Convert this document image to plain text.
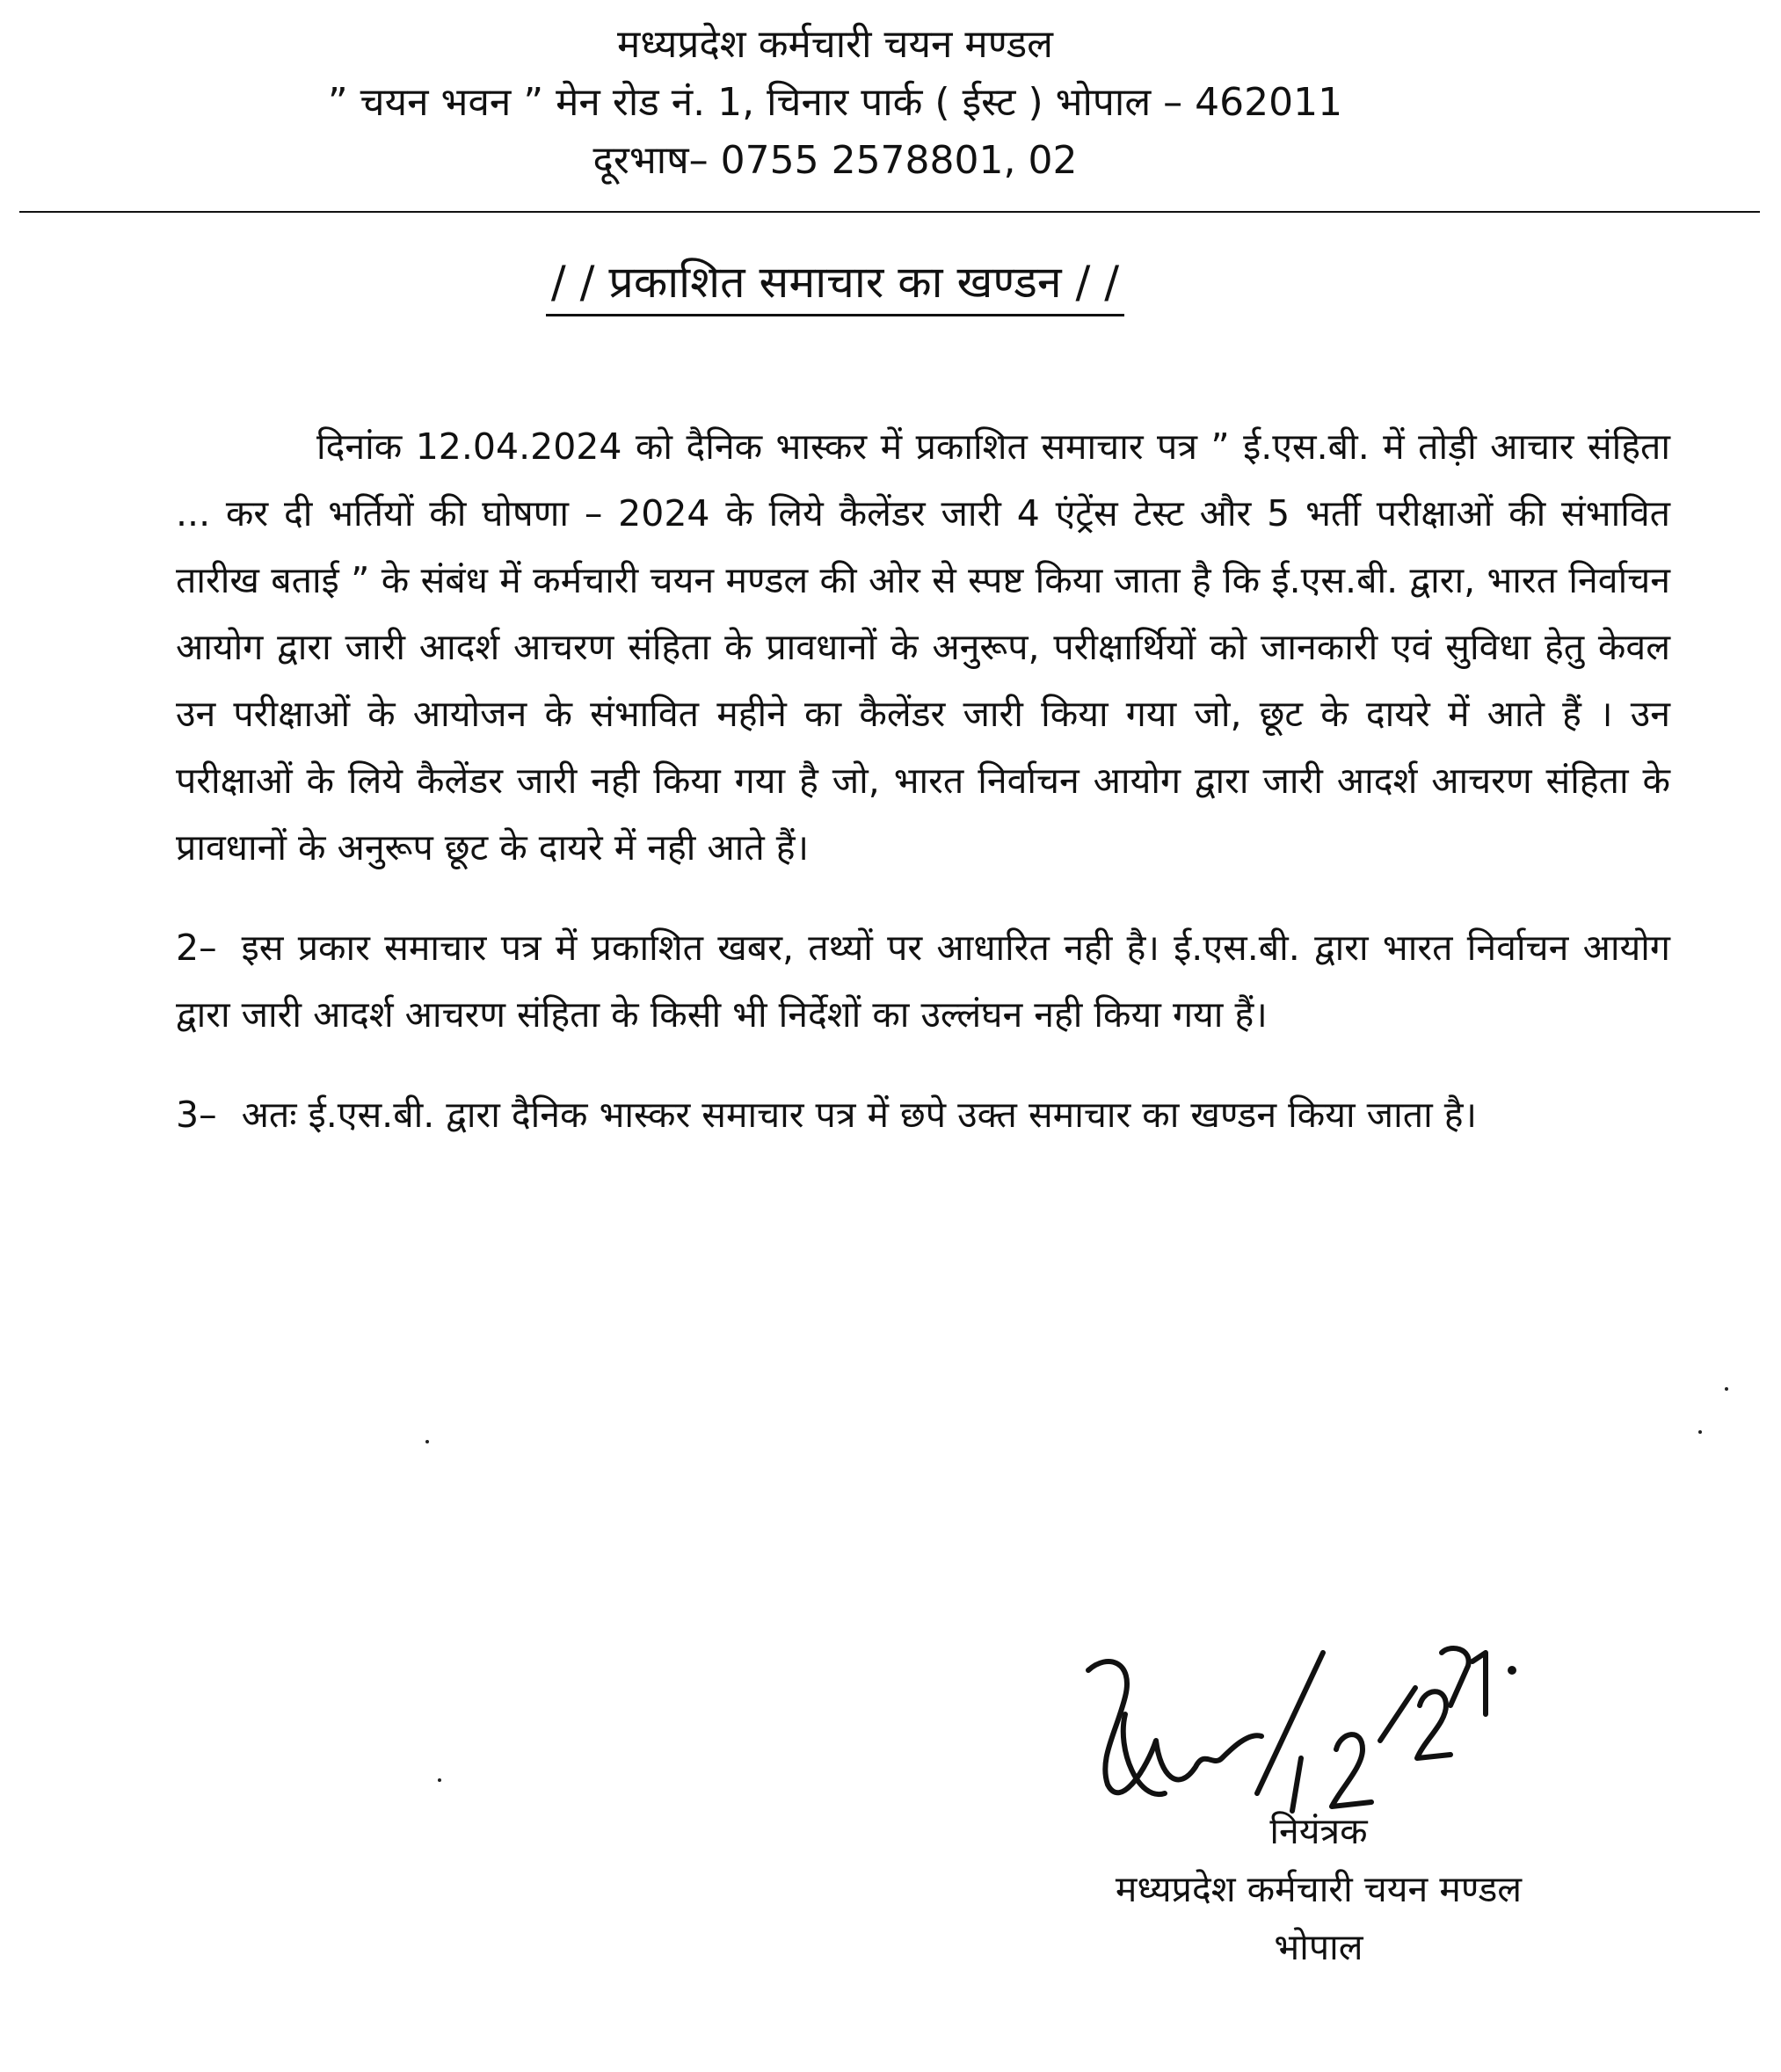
मध्यप्रदेश कर्मचारी चयन मण्डल
” चयन भवन ” मेन रोड नं. 1, चिनार पार्क ( ईस्ट ) भोपाल – 462011
दूरभाष– 0755 2578801, 02
/ / प्रकाशित समाचार का खण्डन / /

दिनांक 12.04.2024 को दैनिक भास्कर में प्रकाशित समाचार पत्र ” ई.एस.बी. में तोड़ी आचार संहिता ... कर दी भर्तियों की घोषणा – 2024 के लिये कैलेंडर जारी 4 एंट्रेंस टेस्ट और 5 भर्ती परीक्षाओं की संभावित तारीख बताई ” के संबंध में कर्मचारी चयन मण्डल की ओर से स्पष्ट किया जाता है कि ई.एस.बी. द्वारा, भारत निर्वाचन आयोग द्वारा जारी आदर्श आचरण संहिता के प्रावधानों के अनुरूप, परीक्षार्थियों को जानकारी एवं सुविधा हेतु केवल उन परीक्षाओं के आयोजन के संभावित महीने का कैलेंडर जारी किया गया जो, छूट के दायरे में आते हैं । उन परीक्षाओं के लिये कैलेंडर जारी नही किया गया है जो, भारत निर्वाचन आयोग द्वारा जारी आदर्श आचरण संहिता के प्रावधानों के अनुरूप छूट के दायरे में नही आते हैं।

2– इस प्रकार समाचार पत्र में प्रकाशित खबर, तथ्यों पर आधारित नही है। ई.एस.बी. द्वारा भारत निर्वाचन आयोग द्वारा जारी आदर्श आचरण संहिता के किसी भी निर्देशों का उल्लंघन नही किया गया हैं।

3– अतः ई.एस.बी. द्वारा दैनिक भास्कर समाचार पत्र में छपे उक्त समाचार का खण्डन किया जाता है।

नियंत्रक
मध्यप्रदेश कर्मचारी चयन मण्डल
भोपाल
